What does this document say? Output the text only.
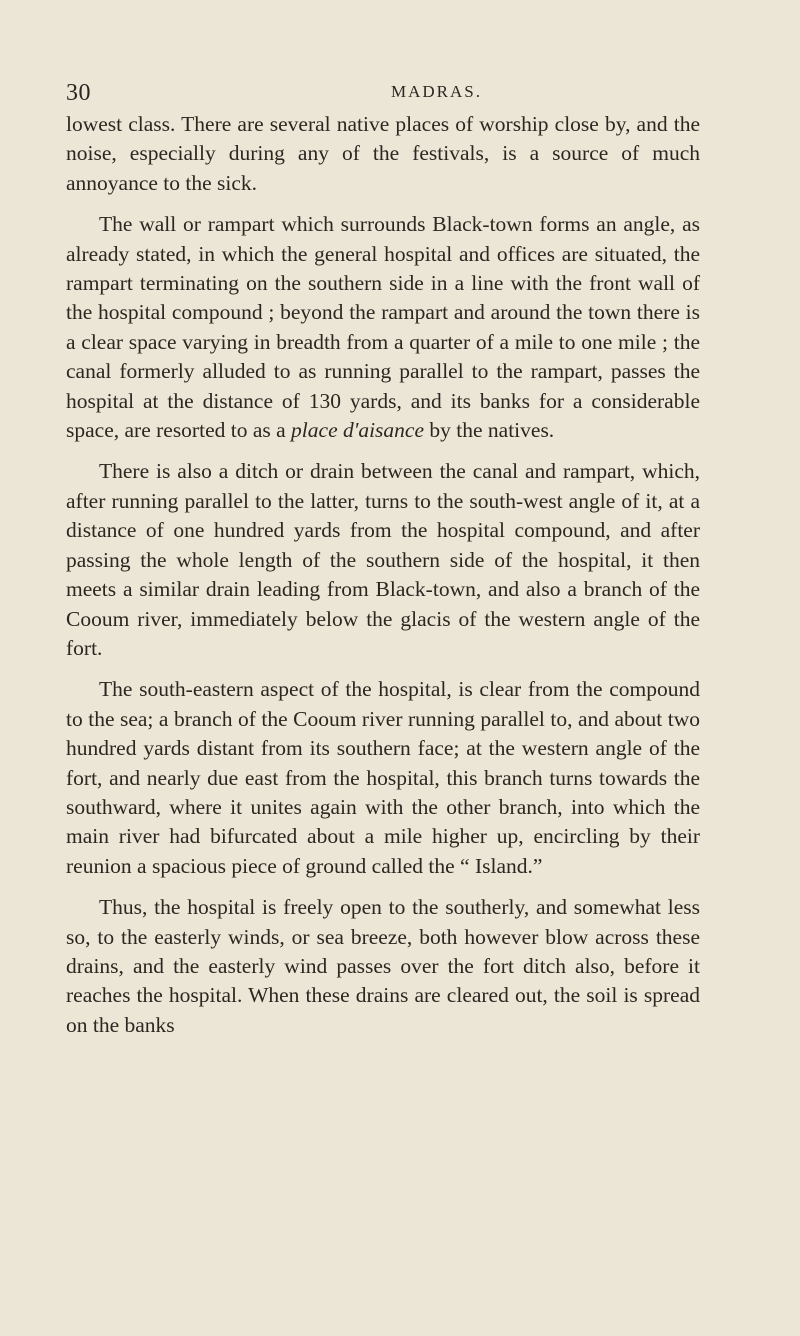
30	MADRAS.

lowest class. There are several native places of worship close by, and the noise, especially during any of the festivals, is a source of much annoyance to the sick.

The wall or rampart which surrounds Black-town forms an angle, as already stated, in which the general hospital and offices are situated, the rampart terminating on the southern side in a line with the front wall of the hospital compound ; beyond the rampart and around the town there is a clear space varying in breadth from a quarter of a mile to one mile ; the canal formerly alluded to as running parallel to the rampart, passes the hospital at the distance of 130 yards, and its banks for a considerable space, are resorted to as a place d'aisance by the natives.

There is also a ditch or drain between the canal and rampart, which, after running parallel to the latter, turns to the south-west angle of it, at a distance of one hundred yards from the hospital compound, and after passing the whole length of the southern side of the hospital, it then meets a similar drain leading from Black-town, and also a branch of the Cooum river, immediately below the glacis of the western angle of the fort.

The south-eastern aspect of the hospital, is clear from the compound to the sea; a branch of the Cooum river running parallel to, and about two hundred yards distant from its southern face; at the western angle of the fort, and nearly due east from the hospital, this branch turns towards the southward, where it unites again with the other branch, into which the main river had bifurcated about a mile higher up, encircling by their reunion a spacious piece of ground called the “ Island.”

Thus, the hospital is freely open to the southerly, and somewhat less so, to the easterly winds, or sea breeze, both however blow across these drains, and the easterly wind passes over the fort ditch also, before it reaches the hospital. When these drains are cleared out, the soil is spread on the banks
